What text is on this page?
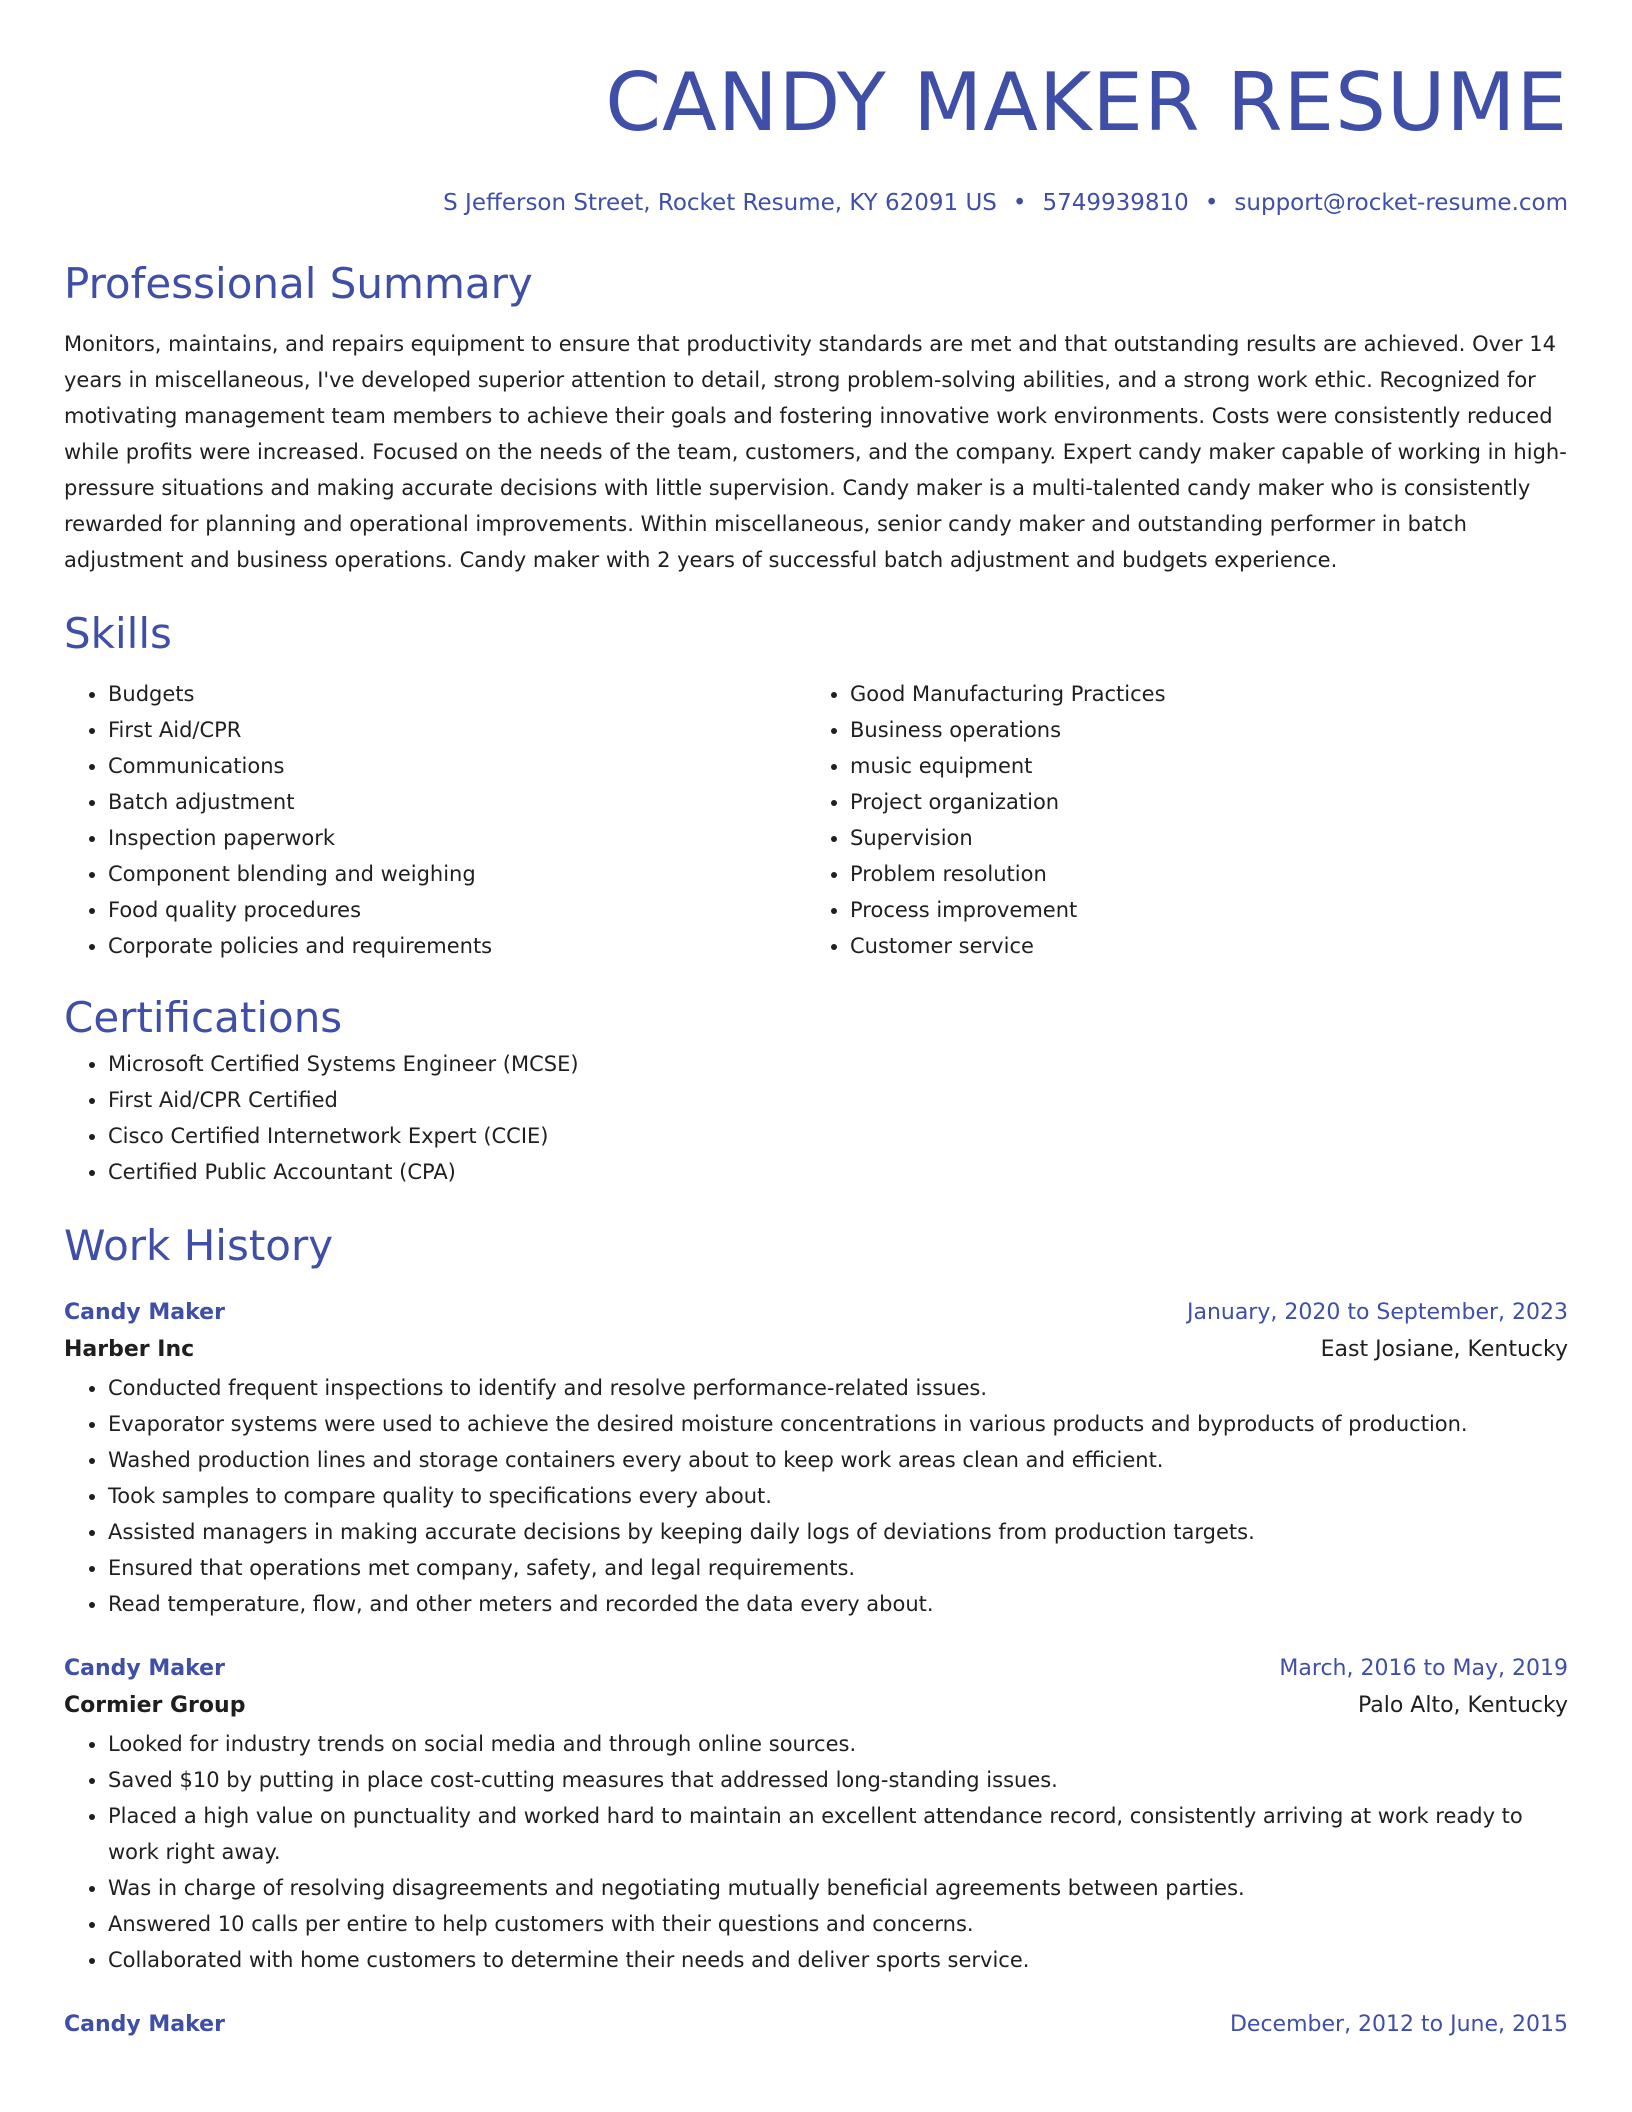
CANDY MAKER RESUME
S Jefferson Street, Rocket Resume, KY 62091 US • 5749939810 • support@rocket-resume.com
Professional Summary
Monitors, maintains, and repairs equipment to ensure that productivity standards are met and that outstanding results are achieved. Over 14 years in miscellaneous, I've developed superior attention to detail, strong problem-solving abilities, and a strong work ethic. Recognized for motivating management team members to achieve their goals and fostering innovative work environments. Costs were consistently reduced while profits were increased. Focused on the needs of the team, customers, and the company. Expert candy maker capable of working in high-pressure situations and making accurate decisions with little supervision. Candy maker is a multi-talented candy maker who is consistently rewarded for planning and operational improvements. Within miscellaneous, senior candy maker and outstanding performer in batch adjustment and business operations. Candy maker with 2 years of successful batch adjustment and budgets experience.
Skills
• Budgets
• First Aid/CPR
• Communications
• Batch adjustment
• Inspection paperwork
• Component blending and weighing
• Food quality procedures
• Corporate policies and requirements
• Good Manufacturing Practices
• Business operations
• music equipment
• Project organization
• Supervision
• Problem resolution
• Process improvement
• Customer service
Certifications
• Microsoft Certified Systems Engineer (MCSE)
• First Aid/CPR Certified
• Cisco Certified Internetwork Expert (CCIE)
• Certified Public Accountant (CPA)
Work History
Candy Maker	January, 2020 to September, 2023
Harber Inc	East Josiane, Kentucky
• Conducted frequent inspections to identify and resolve performance-related issues.
• Evaporator systems were used to achieve the desired moisture concentrations in various products and byproducts of production.
• Washed production lines and storage containers every about to keep work areas clean and efficient.
• Took samples to compare quality to specifications every about.
• Assisted managers in making accurate decisions by keeping daily logs of deviations from production targets.
• Ensured that operations met company, safety, and legal requirements.
• Read temperature, flow, and other meters and recorded the data every about.
Candy Maker	March, 2016 to May, 2019
Cormier Group	Palo Alto, Kentucky
• Looked for industry trends on social media and through online sources.
• Saved $10 by putting in place cost-cutting measures that addressed long-standing issues.
• Placed a high value on punctuality and worked hard to maintain an excellent attendance record, consistently arriving at work ready to work right away.
• Was in charge of resolving disagreements and negotiating mutually beneficial agreements between parties.
• Answered 10 calls per entire to help customers with their questions and concerns.
• Collaborated with home customers to determine their needs and deliver sports service.
Candy Maker	December, 2012 to June, 2015
